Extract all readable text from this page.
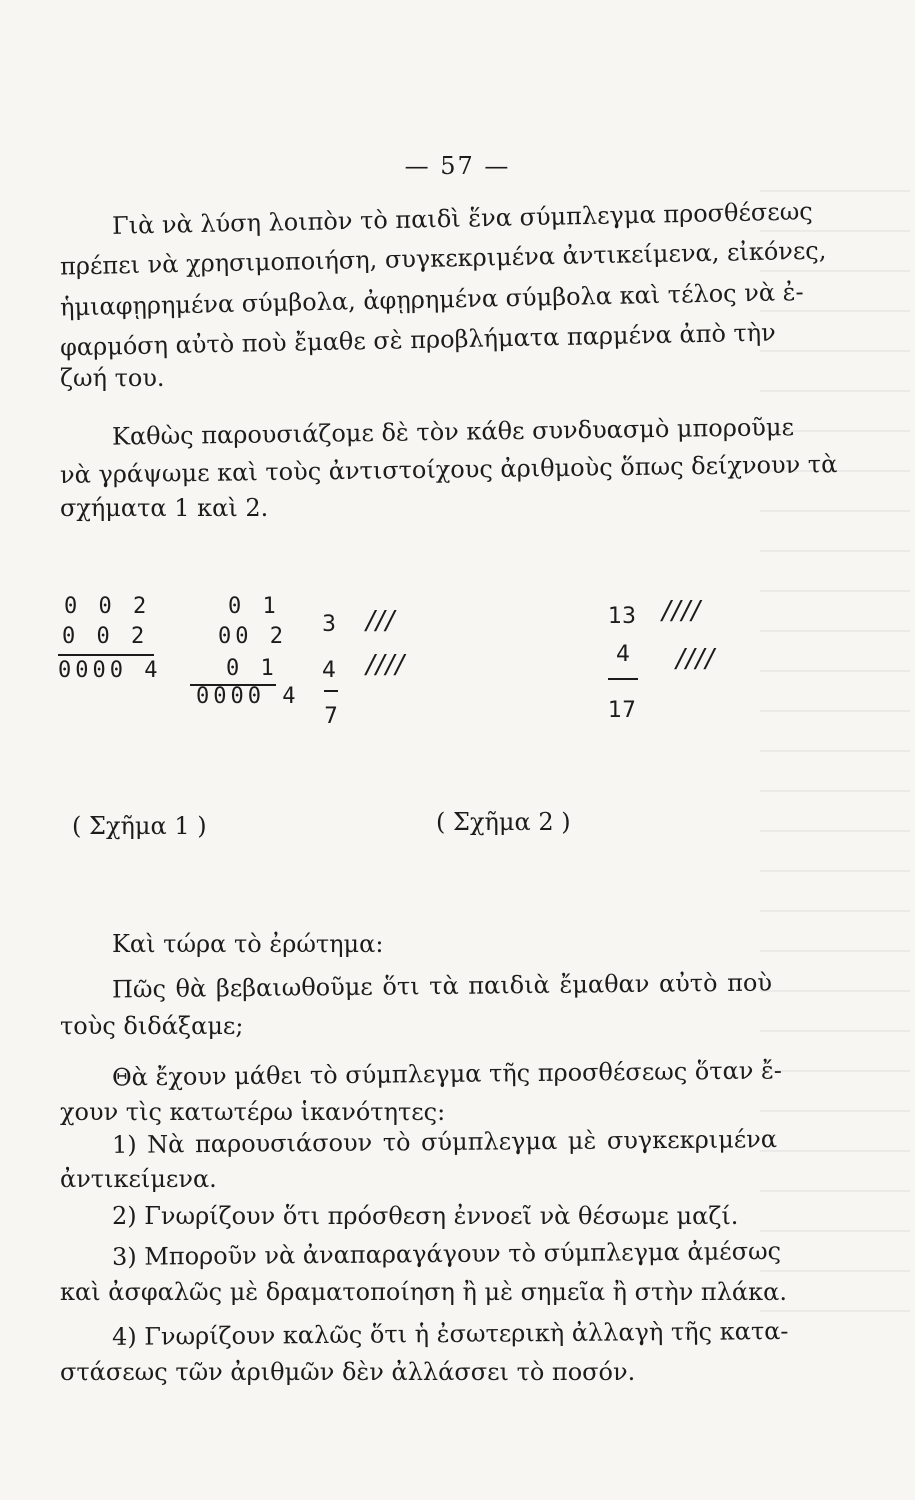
— 57 —
Γιὰ νὰ λύση λοιπὸν τὸ παιδὶ ἕνα σύμπλεγμα προσθέσεως
πρέπει νὰ χρησιμοποιήση, συγκεκριμένα ἀντικείμενα, εἰκόνες,
ἡμιαφῃρημένα σύμβολα, ἀφῃρημένα σύμβολα καὶ τέλος νὰ ἐ-
φαρμόση αὐτὸ ποὺ ἔμαθε σὲ προβλήματα παρμένα ἀπὸ τὴν
ζωή του.
Καθὼς παρουσιάζομε δὲ τὸν κάθε συνδυασμὸ μποροῦμε
νὰ γράψωμε καὶ τοὺς ἀντιστοίχους ἀριθμοὺς ὅπως δείχνουν τὰ
σχήματα 1 καὶ 2.
0 0 2
0 0 2
0000 4
0 1
00 2
0 1
0000 4
( Σχῆμα 1 )
3 ///
4 ////
7
13 ////
4 ////
17
( Σχῆμα 2 )
Καὶ τώρα τὸ ἐρώτημα:
Πῶς θὰ βεβαιωθοῦμε ὅτι τὰ παιδιὰ ἔμαθαν αὐτὸ ποὺ
τοὺς διδάξαμε;
Θὰ ἔχουν μάθει τὸ σύμπλεγμα τῆς προσθέσεως ὅταν ἔ-
χουν τὶς κατωτέρω ἱκανότητες:
1) Νὰ παρουσιάσουν τὸ σύμπλεγμα μὲ συγκεκριμένα
ἀντικείμενα.
2) Γνωρίζουν ὅτι πρόσθεση ἐννοεῖ νὰ θέσωμε μαζί.
3) Μποροῦν νὰ ἀναπαραγάγουν τὸ σύμπλεγμα ἀμέσως
καὶ ἀσφαλῶς μὲ δραματοποίηση ἢ μὲ σημεῖα ἢ στὴν πλάκα.
4) Γνωρίζουν καλῶς ὅτι ἡ ἐσωτερικὴ ἀλλαγὴ τῆς κατα-
στάσεως τῶν ἀριθμῶν δὲν ἀλλάσσει τὸ ποσόν.
